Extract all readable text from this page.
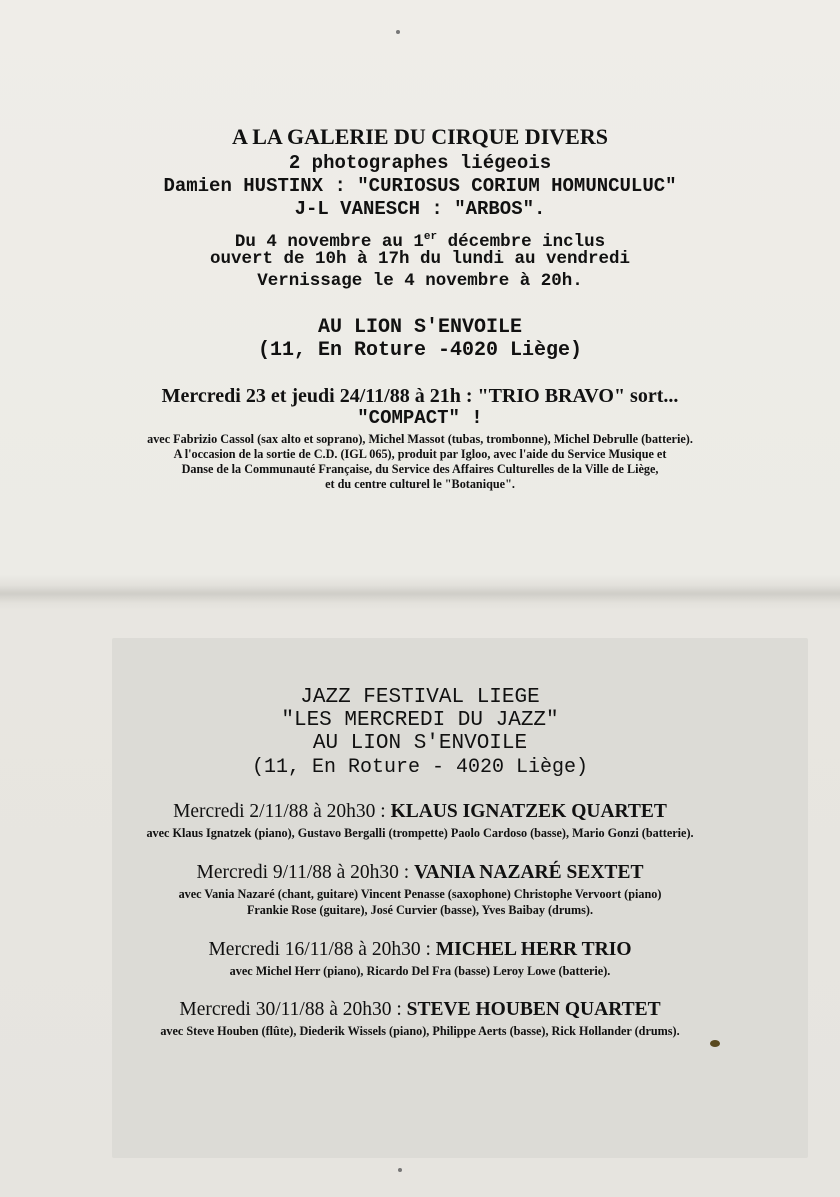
A LA GALERIE DU CIRQUE DIVERS
2 photographes liégeois
Damien HUSTINX : "CURIOSUS CORIUM HOMUNCULUC"
J-L VANESCH : "ARBOS".
Du 4 novembre au 1er décembre inclus
ouvert de 10h à 17h du lundi au vendredi
Vernissage le 4 novembre à 20h.
AU LION S'ENVOILE
(11, En Roture -4020 Liège)
Mercredi 23 et jeudi 24/11/88 à 21h : "TRIO BRAVO" sort...
"COMPACT" !
avec Fabrizio Cassol (sax alto et soprano), Michel Massot (tubas, trombonne), Michel Debrulle (batterie).
A l'occasion de la sortie de C.D. (IGL 065), produit par Igloo, avec l'aide du Service Musique et
Danse de la Communauté Française, du Service des Affaires Culturelles de la Ville de Liège,
et du centre culturel le "Botanique".
JAZZ FESTIVAL LIEGE
"LES MERCREDI DU JAZZ"
AU LION S'ENVOILE
(11, En Roture - 4020 Liège)
Mercredi 2/11/88 à 20h30 : KLAUS IGNATZEK QUARTET
avec Klaus Ignatzek (piano), Gustavo Bergalli (trompette) Paolo Cardoso (basse), Mario Gonzi (batterie).
Mercredi 9/11/88 à 20h30 : VANIA NAZARÉ SEXTET
avec Vania Nazaré (chant, guitare) Vincent Penasse (saxophone) Christophe Vervoort (piano)
Frankie Rose (guitare), José Curvier (basse), Yves Baibay (drums).
Mercredi 16/11/88 à 20h30 : MICHEL HERR TRIO
avec Michel Herr (piano), Ricardo Del Fra (basse) Leroy Lowe (batterie).
Mercredi 30/11/88 à 20h30 : STEVE HOUBEN QUARTET
avec Steve Houben (flûte), Diederik Wissels (piano), Philippe Aerts (basse), Rick Hollander (drums).
